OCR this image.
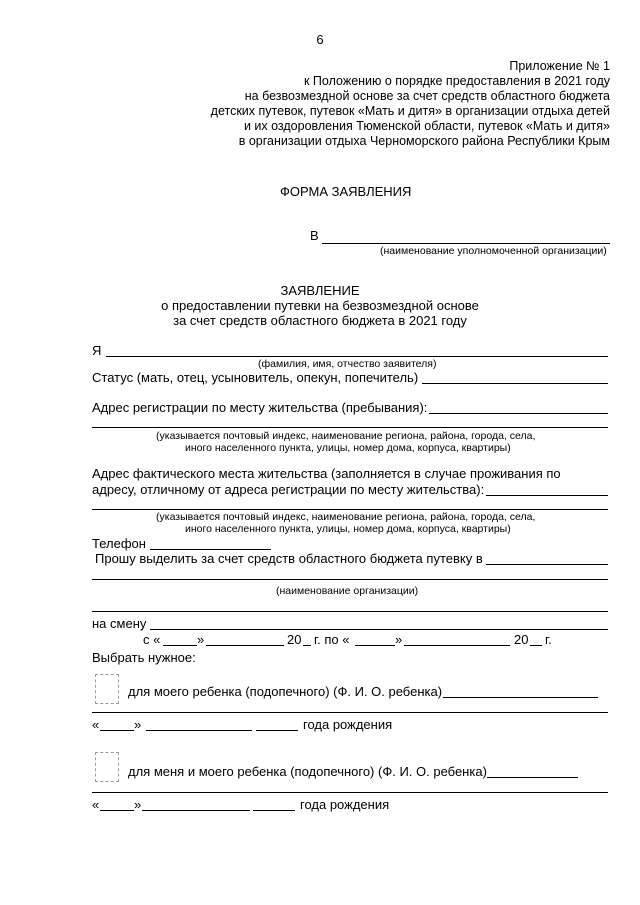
6
Приложение № 1
к Положению о порядке предоставления в 2021 году
на безвозмездной основе за счет средств областного бюджета
детских путевок, путевок «Мать и дитя» в организации отдыха детей
и их оздоровления Тюменской области, путевок «Мать и дитя»
в организации отдыха Черноморского района Республики Крым
ФОРМА ЗАЯВЛЕНИЯ
В
(наименование уполномоченной организации)
ЗАЯВЛЕНИЕ
о предоставлении путевки на безвозмездной основе
за счет средств областного бюджета в 2021 году
Я
(фамилия, имя, отчество заявителя)
Статус (мать, отец, усыновитель, опекун, попечитель)
Адрес регистрации по месту жительства (пребывания):
(указывается почтовый индекс, наименование региона, района, города, села,
иного населенного пункта, улицы, номер дома, корпуса, квартиры)
Адрес фактического места жительства (заполняется в случае проживания по
адресу, отличному от адреса регистрации по месту жительства):
(указывается почтовый индекс, наименование региона, района, города, села,
иного населенного пункта, улицы, номер дома, корпуса, квартиры)
Телефон
Прошу выделить за счет средств областного бюджета путевку в
(наименование организации)
на смену
с «	»	20 г. по «	»	20 г.
Выбрать нужное:
для моего ребенка (подопечного) (Ф. И. О. ребенка)
«	»	года рождения
для меня и моего ребенка (подопечного) (Ф. И. О. ребенка)
«	»	года рождения
